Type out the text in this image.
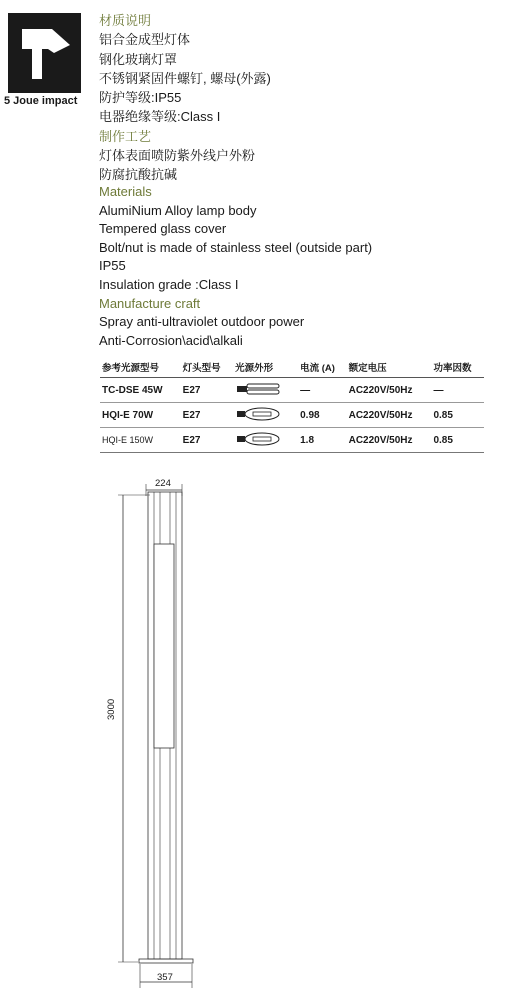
5 Joue impact
材质说明
铝合金成型灯体
钢化玻璃灯罩
不锈钢紧固件螺钉, 螺母(外露)
防护等级:IP55
电器绝缘等级:Class I
制作工艺
灯体表面喷防紫外线户外粉
防腐抗酸抗碱
Materials
AlumiNium Alloy lamp body
Tempered glass cover
Bolt/nut is made of stainless steel (outside part)
IP55
Insulation grade :Class I
Manufacture craft
Spray anti-ultraviolet outdoor power
Anti-Corrosion\acid\alkali
参考光源型号	灯头型号	光源外形	电流 (A)	额定电压	功率因数
TC-DSE 45W	E27		—	AC220V/50Hz	—
HQI-E 70W	E27		0.98	AC220V/50Hz	0.85
HQI-E 150W	E27		1.8	AC220V/50Hz	0.85
224
3000
357
